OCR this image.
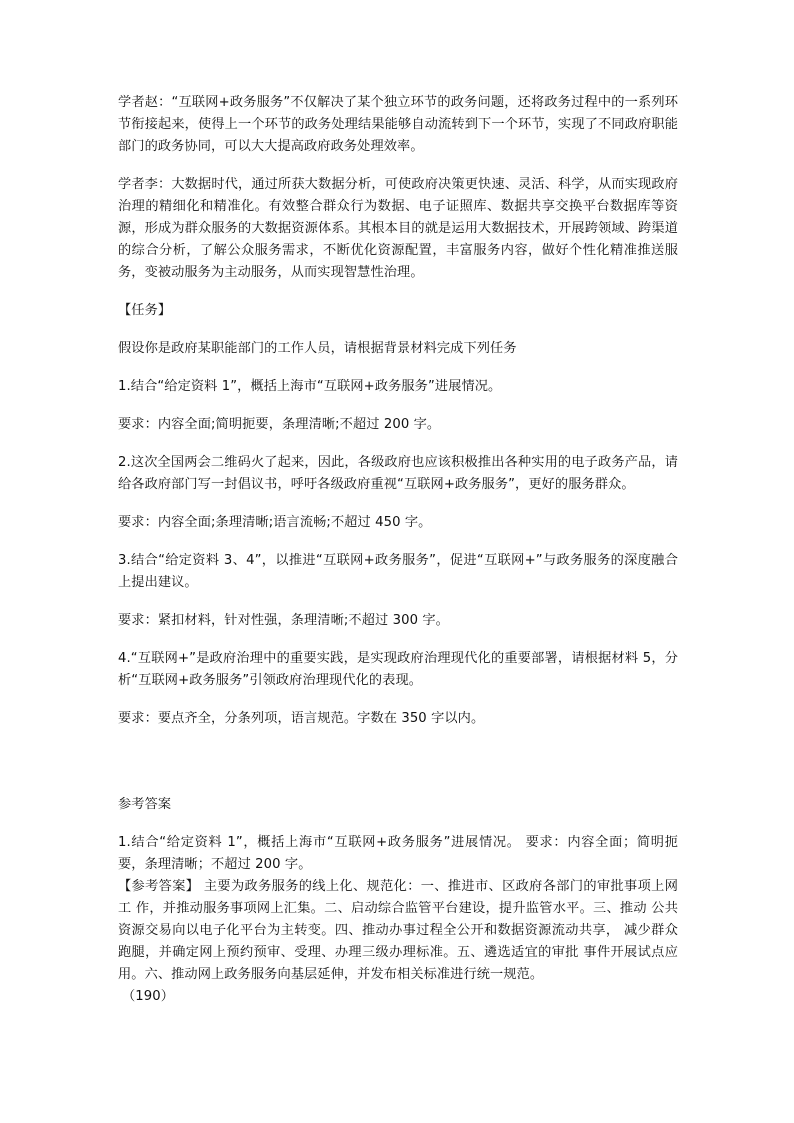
学者赵：“互联网+政务服务”不仅解决了某个独立环节的政务问题，还将政务过程中的一系列环节衔接起来，使得上一个环节的政务处理结果能够自动流转到下一个环节，实现了不同政府职能部门的政务协同，可以大大提高政府政务处理效率。

学者李：大数据时代，通过所获大数据分析，可使政府决策更快速、灵活、科学，从而实现政府治理的精细化和精准化。有效整合群众行为数据、电子证照库、数据共享交换平台数据库等资源，形成为群众服务的大数据资源体系。其根本目的就是运用大数据技术，开展跨领域、跨渠道的综合分析，了解公众服务需求，不断优化资源配置，丰富服务内容，做好个性化精准推送服务，变被动服务为主动服务，从而实现智慧性治理。

【任务】

假设你是政府某职能部门的工作人员，请根据背景材料完成下列任务

1.结合“给定资料 1”，概括上海市“互联网+政务服务”进展情况。

要求：内容全面;简明扼要，条理清晰;不超过 200 字。

2.这次全国两会二维码火了起来，因此，各级政府也应该积极推出各种实用的电子政务产品，请给各政府部门写一封倡议书，呼吁各级政府重视“互联网+政务服务”，更好的服务群众。

要求：内容全面;条理清晰;语言流畅;不超过 450 字。

3.结合“给定资料 3、4”，以推进“互联网+政务服务”，促进“互联网+”与政务服务的深度融合上提出建议。

要求：紧扣材料，针对性强，条理清晰;不超过 300 字。

4.“互联网+”是政府治理中的重要实践，是实现政府治理现代化的重要部署，请根据材料 5，分析“互联网+政务服务”引领政府治理现代化的表现。

要求：要点齐全，分条列项，语言规范。字数在 350 字以内。

参考答案

1.结合“给定资料 1”，概括上海市“互联网+政务服务”进展情况。 要求：内容全面；简明扼要，条理清晰；不超过 200 字。

【参考答案】 主要为政务服务的线上化、规范化：一、推进市、区政府各部门的审批事项上网工 作，并推动服务事项网上汇集。二、启动综合监管平台建设，提升监管水平。三、推动 公共资源交易向以电子化平台为主转变。四、推动办事过程全公开和数据资源流动共享， 减少群众跑腿，并确定网上预约预审、受理、办理三级办理标准。五、遴选适宜的审批 事件开展试点应用。六、推动网上政务服务向基层延伸，并发布相关标准进行统一规范。

（190）
